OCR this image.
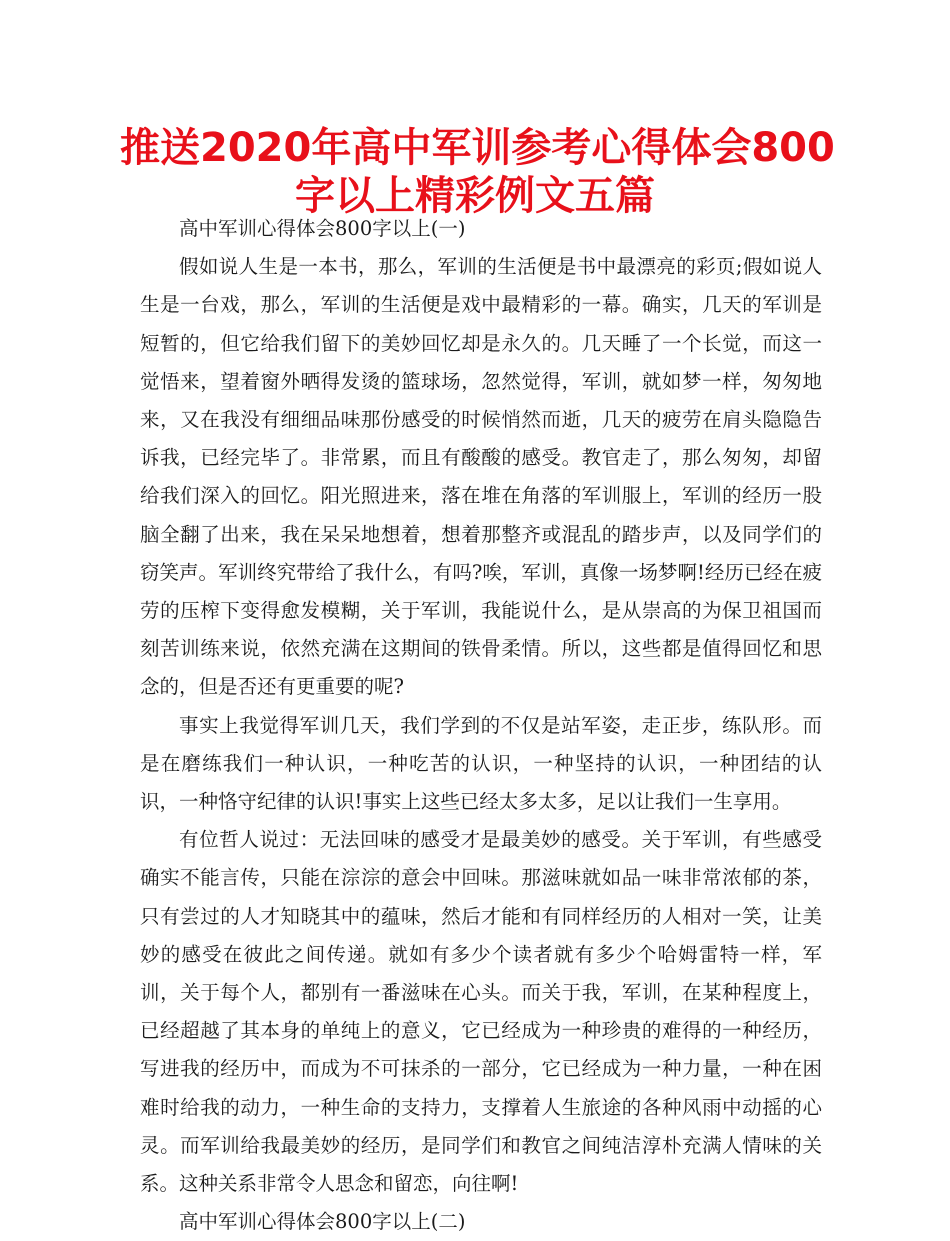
推送2020年高中军训参考心得体会800
字以上精彩例文五篇

高中军训心得体会800字以上(一)

假如说人生是一本书，那么，军训的生活便是书中最漂亮的彩页;假如说人生是一台戏，那么，军训的生活便是戏中最精彩的一幕。确实，几天的军训是短暂的，但它给我们留下的美妙回忆却是永久的。几天睡了一个长觉，而这一觉悟来，望着窗外晒得发烫的篮球场，忽然觉得，军训，就如梦一样，匆匆地来，又在我没有细细品味那份感受的时候悄然而逝，几天的疲劳在肩头隐隐告诉我，已经完毕了。非常累，而且有酸酸的感受。教官走了，那么匆匆，却留给我们深入的回忆。阳光照进来，落在堆在角落的军训服上，军训的经历一股脑全翻了出来，我在呆呆地想着，想着那整齐或混乱的踏步声，以及同学们的窃笑声。军训终究带给了我什么，有吗?唉，军训，真像一场梦啊!经历已经在疲劳的压榨下变得愈发模糊，关于军训，我能说什么，是从崇高的为保卫祖国而刻苦训练来说，依然充满在这期间的铁骨柔情。所以，这些都是值得回忆和思念的，但是否还有更重要的呢?

事实上我觉得军训几天，我们学到的不仅是站军姿，走正步，练队形。而是在磨练我们一种认识，一种吃苦的认识，一种坚持的认识，一种团结的认识，一种恪守纪律的认识!事实上这些已经太多太多，足以让我们一生享用。

有位哲人说过：无法回味的感受才是最美妙的感受。关于军训，有些感受确实不能言传，只能在淙淙的意会中回味。那滋味就如品一味非常浓郁的茶，只有尝过的人才知晓其中的蕴味，然后才能和有同样经历的人相对一笑，让美妙的感受在彼此之间传递。就如有多少个读者就有多少个哈姆雷特一样，军训，关于每个人，都别有一番滋味在心头。而关于我，军训，在某种程度上，已经超越了其本身的单纯上的意义，它已经成为一种珍贵的难得的一种经历，写进我的经历中，而成为不可抹杀的一部分，它已经成为一种力量，一种在困难时给我的动力，一种生命的支持力，支撑着人生旅途的各种风雨中动摇的心灵。而军训给我最美妙的经历，是同学们和教官之间纯洁淳朴充满人情味的关系。这种关系非常令人思念和留恋，向往啊!

高中军训心得体会800字以上(二)
